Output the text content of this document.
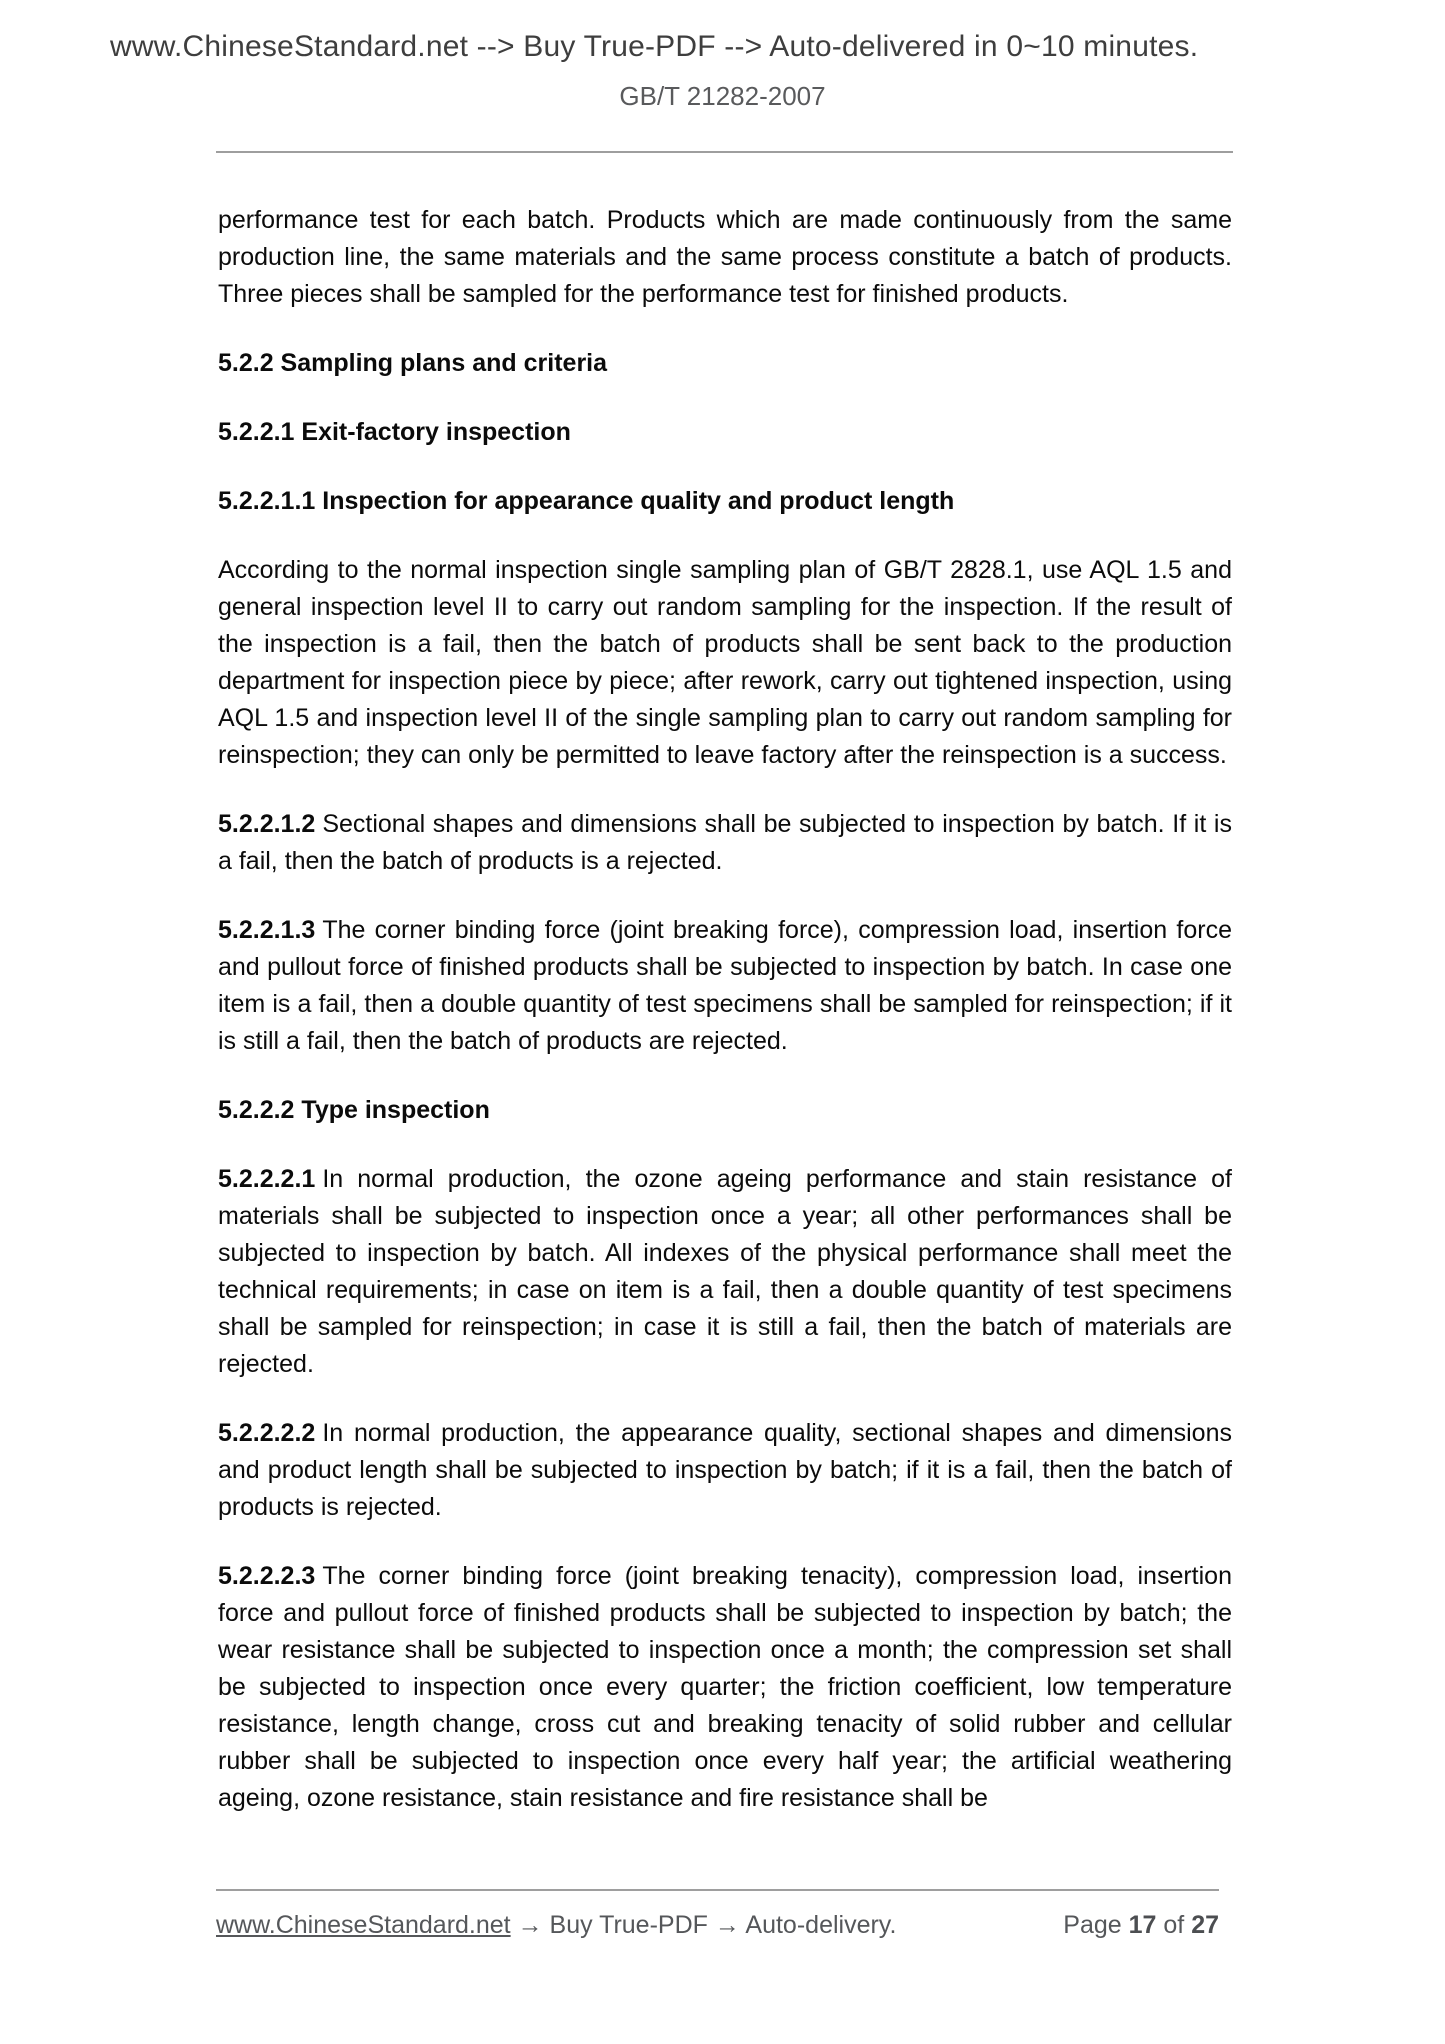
www.ChineseStandard.net --> Buy True-PDF --> Auto-delivered in 0~10 minutes.
GB/T 21282-2007

performance test for each batch. Products which are made continuously from the same production line, the same materials and the same process constitute a batch of products. Three pieces shall be sampled for the performance test for finished products.

5.2.2 Sampling plans and criteria
5.2.2.1 Exit-factory inspection
5.2.2.1.1 Inspection for appearance quality and product length

According to the normal inspection single sampling plan of GB/T 2828.1, use AQL 1.5 and general inspection level II to carry out random sampling for the inspection. If the result of the inspection is a fail, then the batch of products shall be sent back to the production department for inspection piece by piece; after rework, carry out tightened inspection, using AQL 1.5 and inspection level II of the single sampling plan to carry out random sampling for reinspection; they can only be permitted to leave factory after the reinspection is a success.

5.2.2.1.2 Sectional shapes and dimensions shall be subjected to inspection by batch. If it is a fail, then the batch of products is a rejected.

5.2.2.1.3 The corner binding force (joint breaking force), compression load, insertion force and pullout force of finished products shall be subjected to inspection by batch. In case one item is a fail, then a double quantity of test specimens shall be sampled for reinspection; if it is still a fail, then the batch of products are rejected.

5.2.2.2 Type inspection

5.2.2.2.1 In normal production, the ozone ageing performance and stain resistance of materials shall be subjected to inspection once a year; all other performances shall be subjected to inspection by batch. All indexes of the physical performance shall meet the technical requirements; in case on item is a fail, then a double quantity of test specimens shall be sampled for reinspection; in case it is still a fail, then the batch of materials are rejected.

5.2.2.2.2 In normal production, the appearance quality, sectional shapes and dimensions and product length shall be subjected to inspection by batch; if it is a fail, then the batch of products is rejected.

5.2.2.2.3 The corner binding force (joint breaking tenacity), compression load, insertion force and pullout force of finished products shall be subjected to inspection by batch; the wear resistance shall be subjected to inspection once a month; the compression set shall be subjected to inspection once every quarter; the friction coefficient, low temperature resistance, length change, cross cut and breaking tenacity of solid rubber and cellular rubber shall be subjected to inspection once every half year; the artificial weathering ageing, ozone resistance, stain resistance and fire resistance shall be

www.ChineseStandard.net → Buy True-PDF → Auto-delivery.	Page 17 of 27
